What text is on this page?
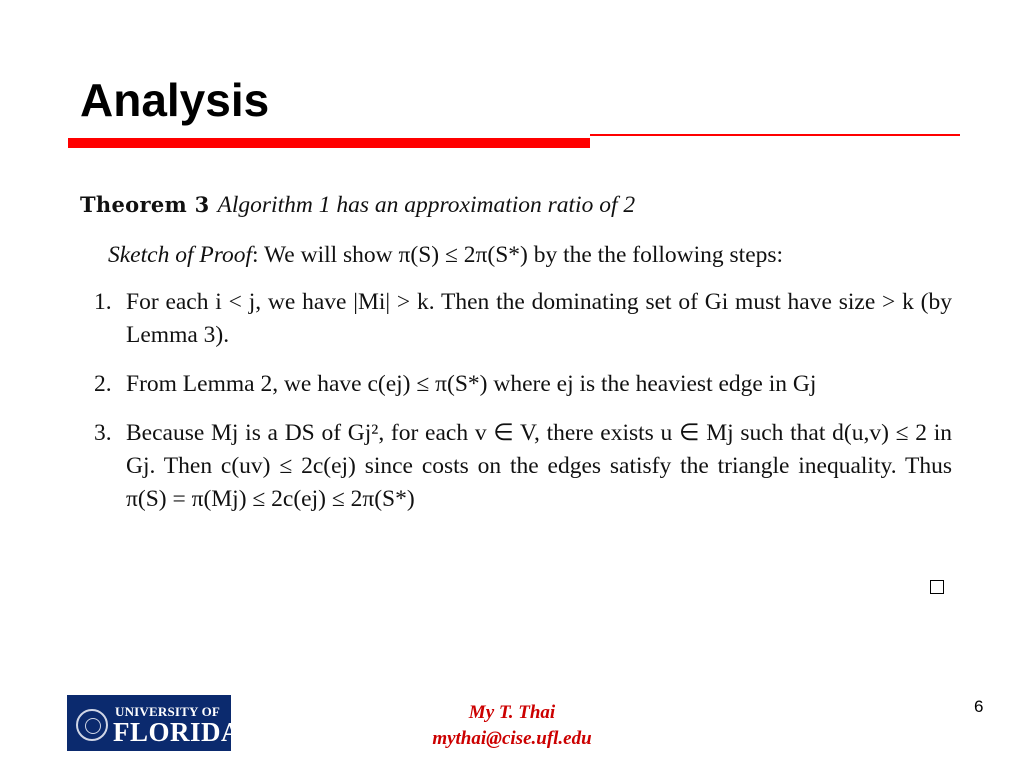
Analysis
Theorem 3 Algorithm 1 has an approximation ratio of 2
Sketch of Proof: We will show π(S) ≤ 2π(S*) by the the following steps:
1. For each i < j, we have |Mi| > k. Then the dominating set of Gi must have size > k (by Lemma 3).
2. From Lemma 2, we have c(ej) ≤ π(S*) where ej is the heaviest edge in Gj
3. Because Mj is a DS of Gj², for each v ∈ V, there exists u ∈ Mj such that d(u,v) ≤ 2 in Gj. Then c(uv) ≤ 2c(ej) since costs on the edges satisfy the triangle inequality. Thus π(S) = π(Mj) ≤ 2c(ej) ≤ 2π(S*)
UNIVERSITY OF
FLORIDA
My T. Thai
mythai@cise.ufl.edu
6
